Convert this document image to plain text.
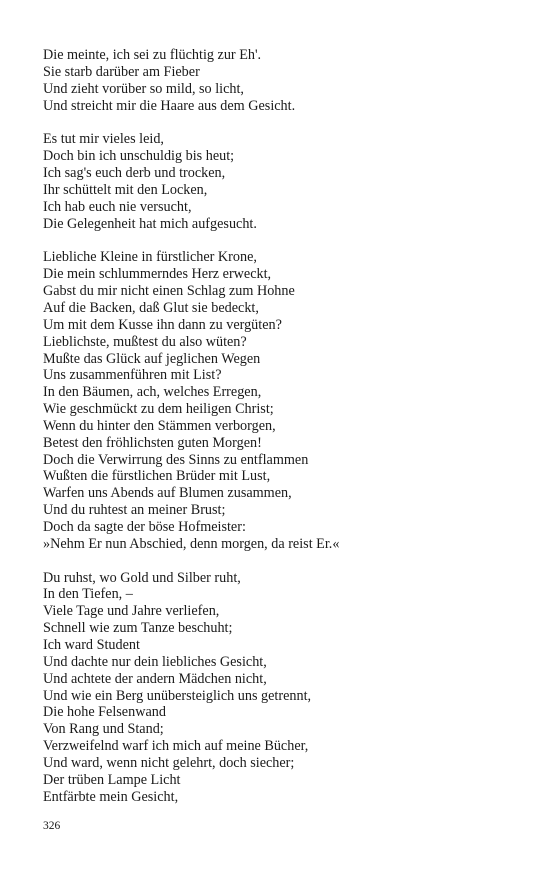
Die meinte, ich sei zu flüchtig zur Eh'.
Sie starb darüber am Fieber
Und zieht vorüber so mild, so licht,
Und streicht mir die Haare aus dem Gesicht.
Es tut mir vieles leid,
Doch bin ich unschuldig bis heut;
Ich sag's euch derb und trocken,
Ihr schüttelt mit den Locken,
Ich hab euch nie versucht,
Die Gelegenheit hat mich aufgesucht.
Liebliche Kleine in fürstlicher Krone,
Die mein schlummerndes Herz erweckt,
Gabst du mir nicht einen Schlag zum Hohne
Auf die Backen, daß Glut sie bedeckt,
Um mit dem Kusse ihn dann zu vergüten?
Lieblichste, mußtest du also wüten?
Mußte das Glück auf jeglichen Wegen
Uns zusammenführen mit List?
In den Bäumen, ach, welches Erregen,
Wie geschmückt zu dem heiligen Christ;
Wenn du hinter den Stämmen verborgen,
Betest den fröhlichsten guten Morgen!
Doch die Verwirrung des Sinns zu entflammen
Wußten die fürstlichen Brüder mit Lust,
Warfen uns Abends auf Blumen zusammen,
Und du ruhtest an meiner Brust;
Doch da sagte der böse Hofmeister:
»Nehm Er nun Abschied, denn morgen, da reist Er.«
Du ruhst, wo Gold und Silber ruht,
In den Tiefen, –
Viele Tage und Jahre verliefen,
Schnell wie zum Tanze beschuht;
Ich ward Student
Und dachte nur dein liebliches Gesicht,
Und achtete der andern Mädchen nicht,
Und wie ein Berg unübersteiglich uns getrennt,
Die hohe Felsenwand
Von Rang und Stand;
Verzweifelnd warf ich mich auf meine Bücher,
Und ward, wenn nicht gelehrt, doch siecher;
Der trüben Lampe Licht
Entfärbte mein Gesicht,
326
